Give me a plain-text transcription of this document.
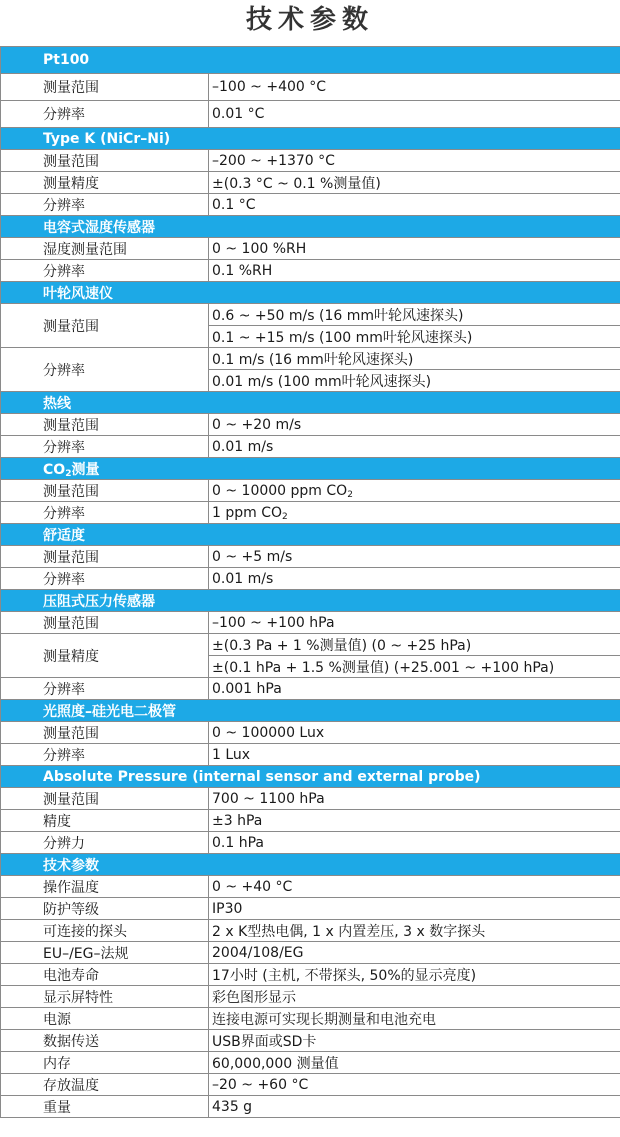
技术参数
Pt100	
测量范围	–100 ~ +400 °C
分辨率	0.01 °C
Type K (NiCr–Ni)	
测量范围	–200 ~ +1370 °C
测量精度	±(0.3 °C ~ 0.1 %测量值)
分辨率	0.1 °C
电容式湿度传感器	
湿度测量范围	0 ~ 100 %RH
分辨率	0.1 %RH
叶轮风速仪	
测量范围	0.6 ~ +50 m/s (16 mm叶轮风速探头)
	0.1 ~ +15 m/s (100 mm叶轮风速探头)
分辨率	0.1 m/s (16 mm叶轮风速探头)
	0.01 m/s (100 mm叶轮风速探头)
热线	
测量范围	0 ~ +20 m/s
分辨率	0.01 m/s
$CO_2$测量	
测量范围	0 ~ 10000 ppm $CO_2$
分辨率	1 ppm $CO_2$
舒适度	
测量范围	0 ~ +5 m/s
分辨率	0.01 m/s
压阻式压力传感器	
测量范围	–100 ~ +100 hPa
测量精度	±(0.3 Pa + 1 %测量值) (0 ~ +25 hPa)
	±(0.1 hPa + 1.5 %测量值) (+25.001 ~ +100 hPa)
分辨率	0.001 hPa
光照度–硅光电二极管	
测量范围	0 ~ 100000 Lux
分辨率	1 Lux
Absolute Pressure (internal sensor and external probe)	
测量范围	700 ~ 1100 hPa
精度	±3 hPa
分辨力	0.1 hPa
技术参数	
操作温度	0 ~ +40 °C
防护等级	IP30
可连接的探头	2 x K型热电偶, 1 x 内置差压, 3 x 数字探头
EU–/EG–法规	2004/108/EG
电池寿命	17小时 (主机, 不带探头, 50%的显示亮度)
显示屏特性	彩色图形显示
电源	连接电源可实现长期测量和电池充电
数据传送	USB界面或SD卡
内存	60,000,000 测量值
存放温度	–20 ~ +60 °C
重量	435 g
